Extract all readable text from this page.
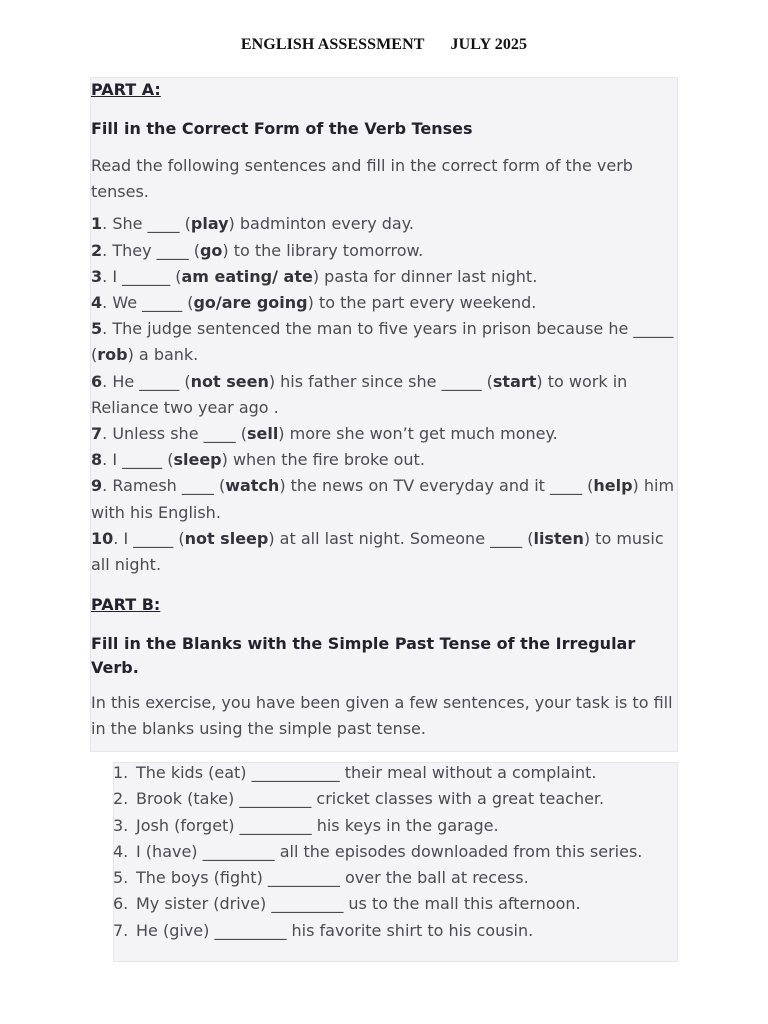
ENGLISH ASSESSMENT JULY 2025
PART A:
Fill in the Correct Form of the Verb Tenses
Read the following sentences and fill in the correct form of the verb tenses.
1. She ____ (play) badminton every day.
2. They ____ (go) to the library tomorrow.
3. I ______ (am eating/ ate) pasta for dinner last night.
4. We _____ (go/are going) to the part every weekend.
5. The judge sentenced the man to five years in prison because he _____ (rob) a bank.
6. He _____ (not seen) his father since she _____ (start) to work in Reliance two year ago .
7. Unless she ____ (sell) more she won’t get much money.
8. I _____ (sleep) when the fire broke out.
9. Ramesh ____ (watch) the news on TV everyday and it ____ (help) him with his English.
10. I _____ (not sleep) at all last night. Someone ____ (listen) to music all night.
PART B:
Fill in the Blanks with the Simple Past Tense of the Irregular Verb.
In this exercise, you have been given a few sentences, your task is to fill in the blanks using the simple past tense.
1. The kids (eat) ___________ their meal without a complaint.
2. Brook (take) _________ cricket classes with a great teacher.
3. Josh (forget) _________ his keys in the garage.
4. I (have) _________ all the episodes downloaded from this series.
5. The boys (fight) _________ over the ball at recess.
6. My sister (drive) _________ us to the mall this afternoon.
7. He (give) _________ his favorite shirt to his cousin.
